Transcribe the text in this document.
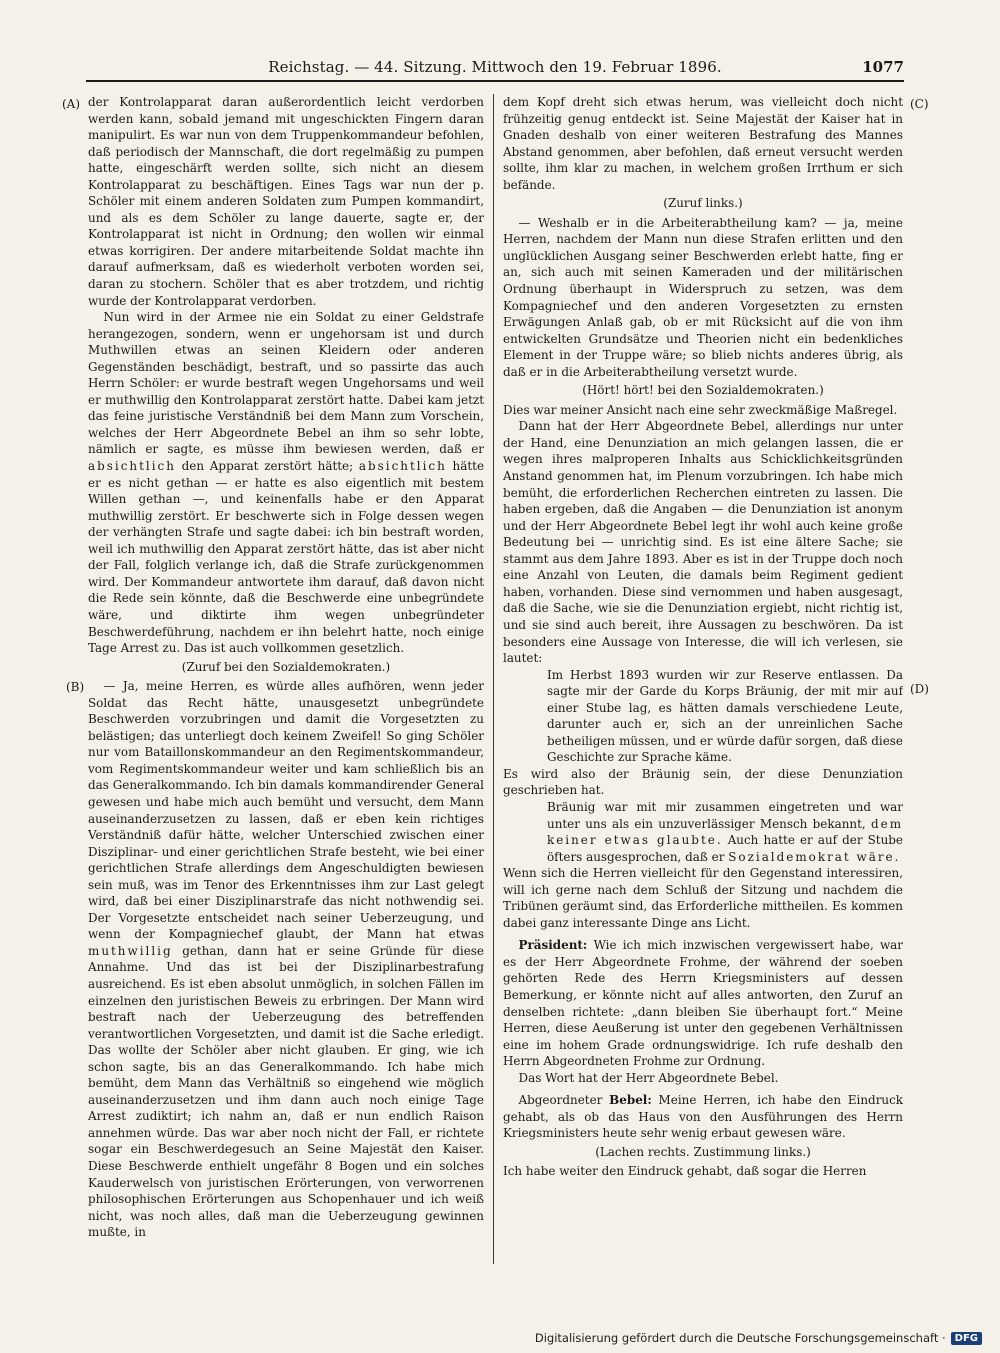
Reichstag. — 44. Sitzung. Mittwoch den 19. Februar 1896.	1077
(A)
(B)
(C)
(D)

der Kontrolapparat daran außerordentlich leicht verdorben werden kann, sobald jemand mit ungeschickten Fingern daran manipulirt. Es war nun von dem Truppenkommandeur befohlen, daß periodisch der Mannschaft, die dort regelmäßig zu pumpen hatte, eingeschärft werden sollte, sich nicht an diesem Kontrolapparat zu beschäftigen. Eines Tags war nun der p. Schöler mit einem anderen Soldaten zum Pumpen kommandirt, und als es dem Schöler zu lange dauerte, sagte er, der Kontrolapparat ist nicht in Ordnung; den wollen wir einmal etwas korrigiren. Der andere mitarbeitende Soldat machte ihn darauf aufmerksam, daß es wiederholt verboten worden sei, daran zu stochern. Schöler that es aber trotzdem, und richtig wurde der Kontrolapparat verdorben.

Nun wird in der Armee nie ein Soldat zu einer Geldstrafe herangezogen, sondern, wenn er ungehorsam ist und durch Muthwillen etwas an seinen Kleidern oder anderen Gegenständen beschädigt, bestraft, und so passirte das auch Herrn Schöler: er wurde bestraft wegen Ungehorsams und weil er muthwillig den Kontrolapparat zerstört hatte. Dabei kam jetzt das feine juristische Verständniß bei dem Mann zum Vorschein, welches der Herr Abgeordnete Bebel an ihm so sehr lobte, nämlich er sagte, es müsse ihm bewiesen werden, daß er absichtlich den Apparat zerstört hätte; absichtlich hätte er es nicht gethan — er hatte es also eigentlich mit bestem Willen gethan —, und keinenfalls habe er den Apparat muthwillig zerstört. Er beschwerte sich in Folge dessen wegen der verhängten Strafe und sagte dabei: ich bin bestraft worden, weil ich muthwillig den Apparat zerstört hätte, das ist aber nicht der Fall, folglich verlange ich, daß die Strafe zurückgenommen wird. Der Kommandeur antwortete ihm darauf, daß davon nicht die Rede sein könnte, daß die Beschwerde eine unbegründete wäre, und diktirte ihm wegen unbegründeter Beschwerdeführung, nachdem er ihn belehrt hatte, noch einige Tage Arrest zu. Das ist auch vollkommen gesetzlich.

(Zuruf bei den Sozialdemokraten.)

— Ja, meine Herren, es würde alles aufhören, wenn jeder Soldat das Recht hätte, unausgesetzt unbegründete Beschwerden vorzubringen und damit die Vorgesetzten zu belästigen; das unterliegt doch keinem Zweifel! So ging Schöler nur vom Bataillonskommandeur an den Regimentskommandeur, vom Regimentskommandeur weiter und kam schließlich bis an das Generalkommando. Ich bin damals kommandirender General gewesen und habe mich auch bemüht und versucht, dem Mann auseinanderzusetzen zu lassen, daß er eben kein richtiges Verständniß dafür hätte, welcher Unterschied zwischen einer Disziplinar- und einer gerichtlichen Strafe besteht, wie bei einer gerichtlichen Strafe allerdings dem Angeschuldigten bewiesen sein muß, was im Tenor des Erkenntnisses ihm zur Last gelegt wird, daß bei einer Disziplinarstrafe das nicht nothwendig sei. Der Vorgesetzte entscheidet nach seiner Ueberzeugung, und wenn der Kompagniechef glaubt, der Mann hat etwas muthwillig gethan, dann hat er seine Gründe für diese Annahme. Und das ist bei der Disziplinarbestrafung ausreichend. Es ist eben absolut unmöglich, in solchen Fällen im einzelnen den juristischen Beweis zu erbringen. Der Mann wird bestraft nach der Ueberzeugung des betreffenden verantwortlichen Vorgesetzten, und damit ist die Sache erledigt. Das wollte der Schöler aber nicht glauben. Er ging, wie ich schon sagte, bis an das Generalkommando. Ich habe mich bemüht, dem Mann das Verhältniß so eingehend wie möglich auseinanderzusetzen und ihm dann auch noch einige Tage Arrest zudiktirt; ich nahm an, daß er nun endlich Raison annehmen würde. Das war aber noch nicht der Fall, er richtete sogar ein Beschwerdegesuch an Seine Majestät den Kaiser. Diese Beschwerde enthielt ungefähr 8 Bogen und ein solches Kauderwelsch von juristischen Erörterungen, von verworrenen philosophischen Erörterungen aus Schopenhauer und ich weiß nicht, was noch alles, daß man die Ueberzeugung gewinnen mußte, in

dem Kopf dreht sich etwas herum, was vielleicht doch nicht frühzeitig genug entdeckt ist. Seine Majestät der Kaiser hat in Gnaden deshalb von einer weiteren Bestrafung des Mannes Abstand genommen, aber befohlen, daß erneut versucht werden sollte, ihm klar zu machen, in welchem großen Irrthum er sich befände.

(Zuruf links.)

— Weshalb er in die Arbeiterabtheilung kam? — ja, meine Herren, nachdem der Mann nun diese Strafen erlitten und den unglücklichen Ausgang seiner Beschwerden erlebt hatte, fing er an, sich auch mit seinen Kameraden und der militärischen Ordnung überhaupt in Widerspruch zu setzen, was dem Kompagniechef und den anderen Vorgesetzten zu ernsten Erwägungen Anlaß gab, ob er mit Rücksicht auf die von ihm entwickelten Grundsätze und Theorien nicht ein bedenkliches Element in der Truppe wäre; so blieb nichts anderes übrig, als daß er in die Arbeiterabtheilung versetzt wurde.

(Hört! hört! bei den Sozialdemokraten.)

Dies war meiner Ansicht nach eine sehr zweckmäßige Maßregel.

Dann hat der Herr Abgeordnete Bebel, allerdings nur unter der Hand, eine Denunziation an mich gelangen lassen, die er wegen ihres malproperen Inhalts aus Schicklichkeitsgründen Anstand genommen hat, im Plenum vorzubringen. Ich habe mich bemüht, die erforderlichen Recherchen eintreten zu lassen. Die haben ergeben, daß die Angaben — die Denunziation ist anonym und der Herr Abgeordnete Bebel legt ihr wohl auch keine große Bedeutung bei — unrichtig sind. Es ist eine ältere Sache; sie stammt aus dem Jahre 1893. Aber es ist in der Truppe doch noch eine Anzahl von Leuten, die damals beim Regiment gedient haben, vorhanden. Diese sind vernommen und haben ausgesagt, daß die Sache, wie sie die Denunziation ergiebt, nicht richtig ist, und sie sind auch bereit, ihre Aussagen zu beschwören. Da ist besonders eine Aussage von Interesse, die will ich verlesen, sie lautet:

Im Herbst 1893 wurden wir zur Reserve entlassen. Da sagte mir der Garde du Korps Bräunig, der mit mir auf einer Stube lag, es hätten damals verschiedene Leute, darunter auch er, sich an der unreinlichen Sache betheiligen müssen, und er würde dafür sorgen, daß diese Geschichte zur Sprache käme.

Es wird also der Bräunig sein, der diese Denunziation geschrieben hat.

Bräunig war mit mir zusammen eingetreten und war unter uns als ein unzuverlässiger Mensch bekannt, dem keiner etwas glaubte. Auch hatte er auf der Stube öfters ausgesprochen, daß er Sozialdemokrat wäre.

Wenn sich die Herren vielleicht für den Gegenstand interessiren, will ich gerne nach dem Schluß der Sitzung und nachdem die Tribünen geräumt sind, das Erforderliche mittheilen. Es kommen dabei ganz interessante Dinge ans Licht.

Präsident: Wie ich mich inzwischen vergewissert habe, war es der Herr Abgeordnete Frohme, der während der soeben gehörten Rede des Herrn Kriegsministers auf dessen Bemerkung, er könnte nicht auf alles antworten, den Zuruf an denselben richtete: „dann bleiben Sie überhaupt fort.“ Meine Herren, diese Aeußerung ist unter den gegebenen Verhältnissen eine im hohem Grade ordnungswidrige. Ich rufe deshalb den Herrn Abgeordneten Frohme zur Ordnung.

Das Wort hat der Herr Abgeordnete Bebel.

Abgeordneter Bebel: Meine Herren, ich habe den Eindruck gehabt, als ob das Haus von den Ausführungen des Herrn Kriegsministers heute sehr wenig erbaut gewesen wäre.

(Lachen rechts. Zustimmung links.)

Ich habe weiter den Eindruck gehabt, daß sogar die Herren

Digitalisierung gefördert durch die Deutsche Forschungsgemeinschaft · DFG
